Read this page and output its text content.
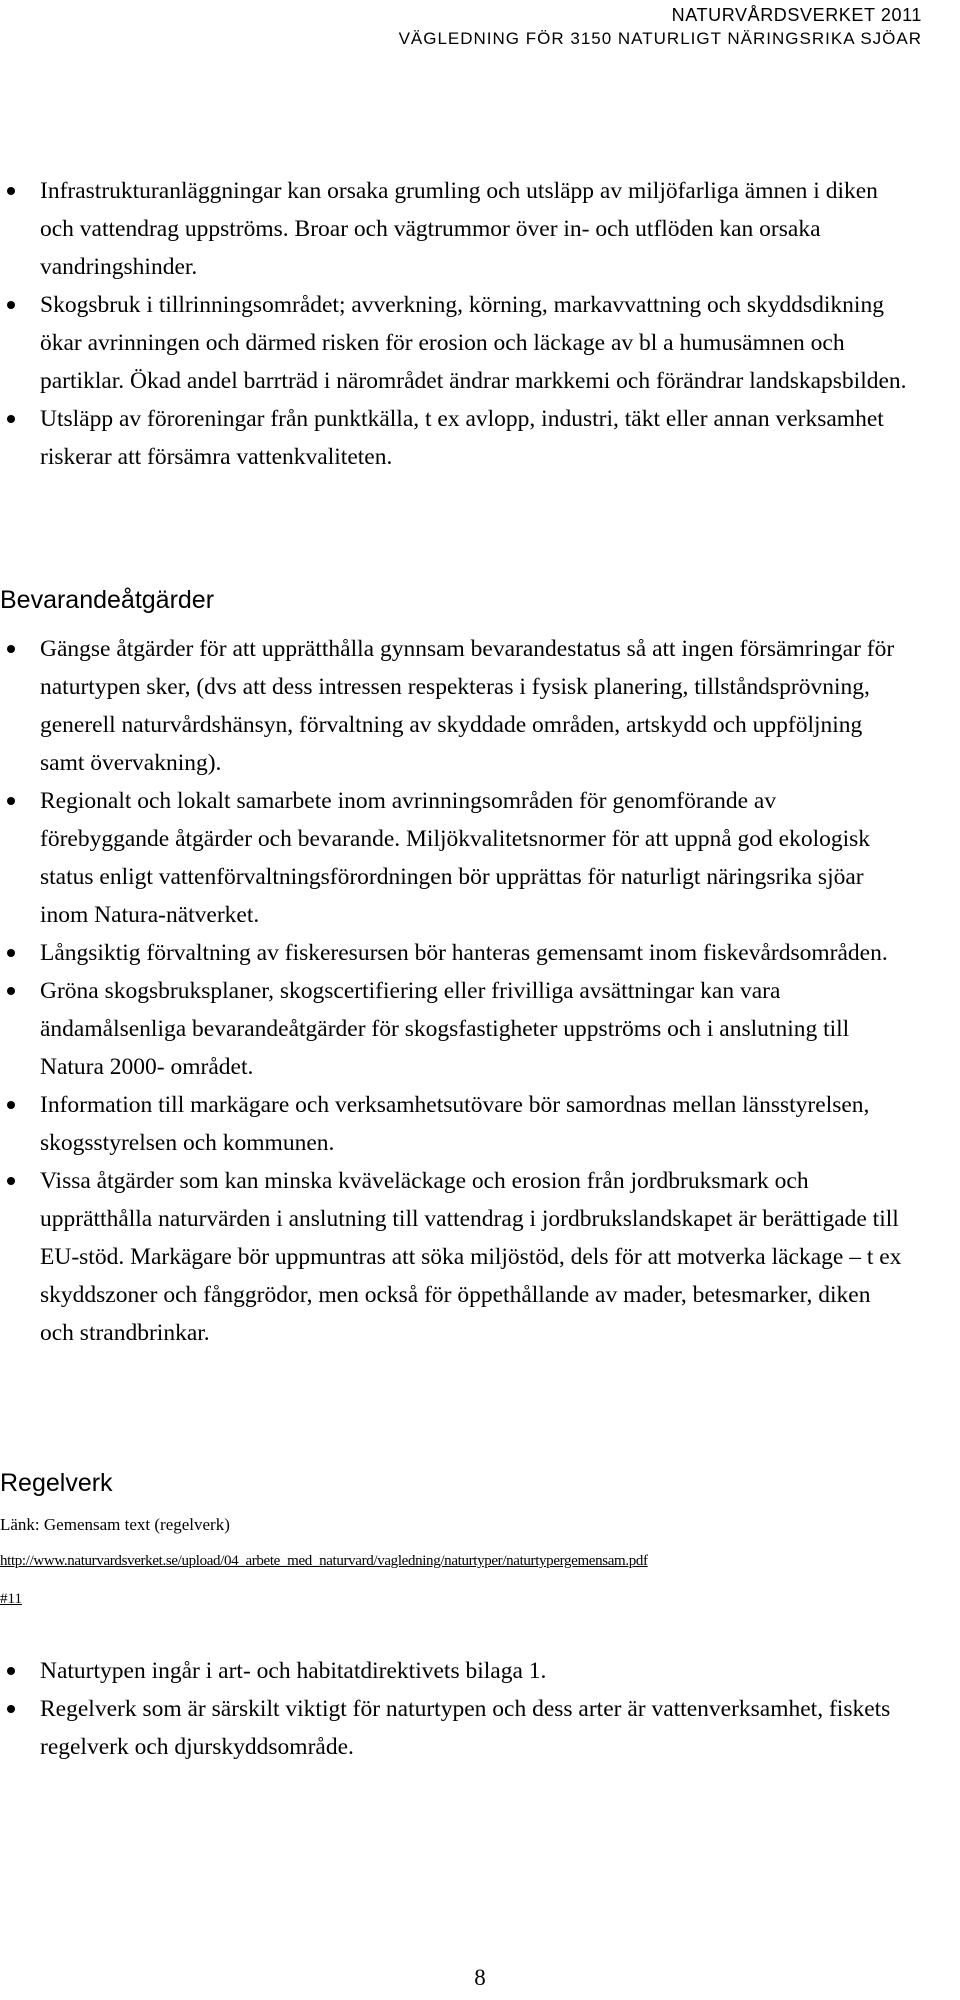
NATURVÅRDSVERKET 2011
VÄGLEDNING FÖR 3150 NATURLIGT NÄRINGSRIKA SJÖAR
Infrastrukturanläggningar kan orsaka grumling och utsläpp av miljöfarliga ämnen i diken och vattendrag uppströms. Broar och vägtrummor över in- och utflöden kan orsaka vandringshinder.
Skogsbruk i tillrinningsområdet; avverkning, körning, markavvattning och skyddsdikning ökar avrinningen och därmed risken för erosion och läckage av bl a humusämnen och partiklar. Ökad andel barrträd i närområdet ändrar markkemi och förändrar landskapsbilden.
Utsläpp av föroreningar från punktkälla, t ex avlopp, industri, täkt eller annan verksamhet riskerar att försämra vattenkvaliteten.
Bevarandeåtgärder
Gängse åtgärder för att upprätthålla gynnsam bevarandestatus så att ingen försämringar för naturtypen sker, (dvs att dess intressen respekteras i fysisk planering, tillståndsprövning, generell naturvårdshänsyn, förvaltning av skyddade områden, artskydd och uppföljning samt övervakning).
Regionalt och lokalt samarbete inom avrinningsområden för genomförande av förebyggande åtgärder och bevarande. Miljökvalitetsnormer för att uppnå god ekologisk status enligt vattenförvaltningsförordningen bör upprättas för naturligt näringsrika sjöar inom Natura-nätverket.
Långsiktig förvaltning av fiskeresursen bör hanteras gemensamt inom fiskevårdsområden.
Gröna skogsbruksplaner, skogscertifiering eller frivilliga avsättningar kan vara ändamålsenliga bevarandeåtgärder för skogsfastigheter uppströms och i anslutning till Natura 2000- området.
Information till markägare och verksamhetsutövare bör samordnas mellan länsstyrelsen, skogsstyrelsen och kommunen.
Vissa åtgärder som kan minska kväveläckage och erosion från jordbruksmark och upprätthålla naturvärden i anslutning till vattendrag i jordbrukslandskapet är berättigade till EU-stöd. Markägare bör uppmuntras att söka miljöstöd, dels för att motverka läckage – t ex skyddszoner och fånggrödor, men också för öppethållande av mader, betesmarker, diken och strandbrinkar.
Regelverk
Länk: Gemensam text (regelverk)
http://www.naturvardsverket.se/upload/04_arbete_med_naturvard/vagledning/naturtyper/naturtypergemensam.pdf
#11
Naturtypen ingår i art- och habitatdirektivets bilaga 1.
Regelverk som är särskilt viktigt för naturtypen och dess arter är vattenverksamhet, fiskets regelverk och djurskyddsområde.
8
